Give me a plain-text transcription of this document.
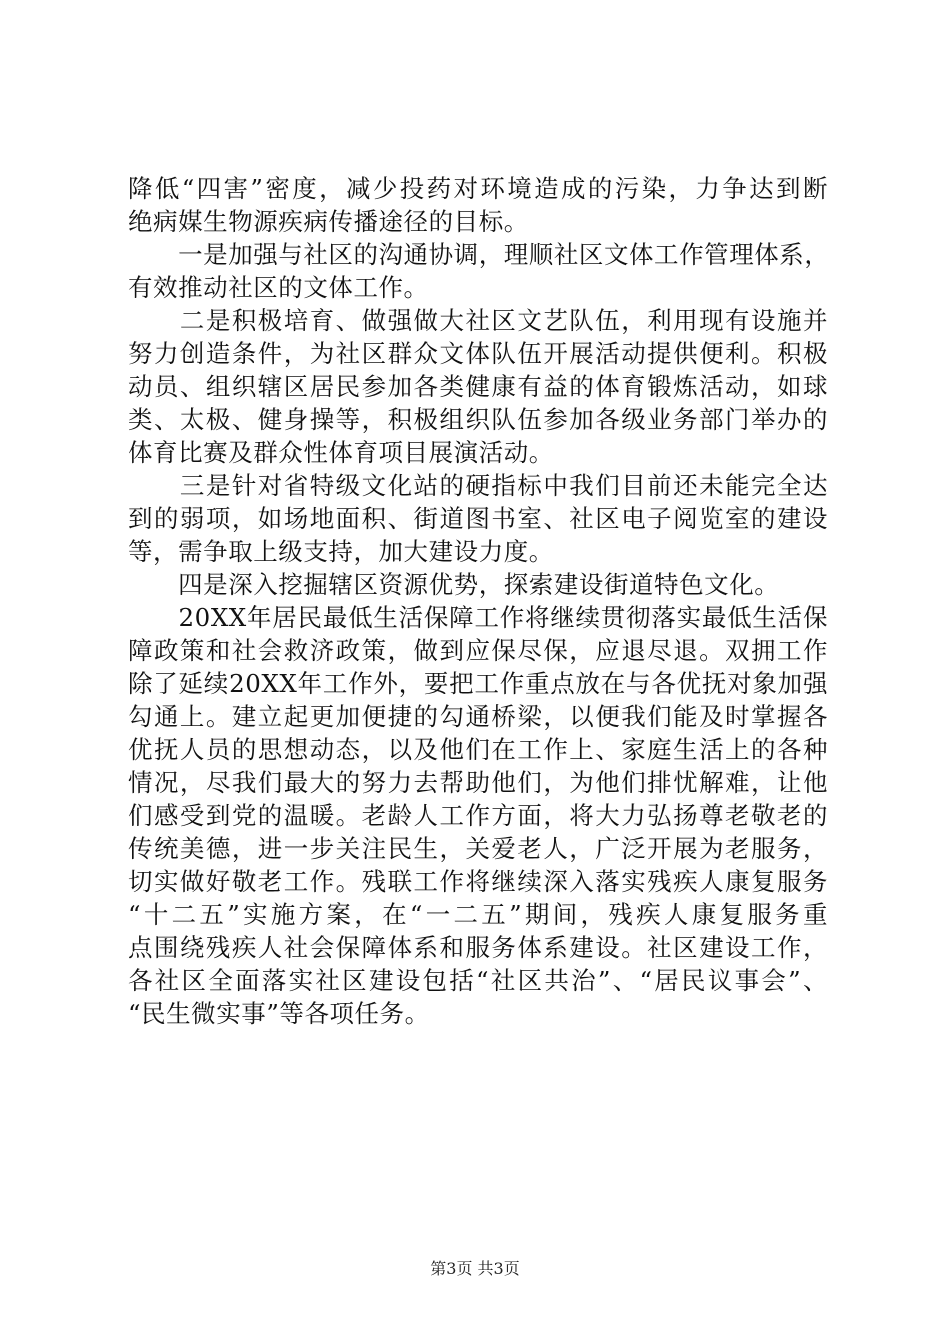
降低“四害”密度，减少投药对环境造成的污染，力争达到断
绝病媒生物源疾病传播途径的目标。
　　一是加强与社区的沟通协调，理顺社区文体工作管理体系，
有效推动社区的文体工作。
　　二是积极培育、做强做大社区文艺队伍，利用现有设施并
努力创造条件，为社区群众文体队伍开展活动提供便利。积极
动员、组织辖区居民参加各类健康有益的体育锻炼活动，如球
类、太极、健身操等，积极组织队伍参加各级业务部门举办的
体育比赛及群众性体育项目展演活动。
　　三是针对省特级文化站的硬指标中我们目前还未能完全达
到的弱项，如场地面积、街道图书室、社区电子阅览室的建设
等，需争取上级支持，加大建设力度。
　　四是深入挖掘辖区资源优势，探索建设街道特色文化。
　　20XX年居民最低生活保障工作将继续贯彻落实最低生活保
障政策和社会救济政策，做到应保尽保，应退尽退。双拥工作
除了延续20XX年工作外，要把工作重点放在与各优抚对象加强
勾通上。建立起更加便捷的勾通桥梁，以便我们能及时掌握各
优抚人员的思想动态，以及他们在工作上、家庭生活上的各种
情况，尽我们最大的努力去帮助他们，为他们排忧解难，让他
们感受到党的温暖。老龄人工作方面，将大力弘扬尊老敬老的
传统美德，进一步关注民生，关爱老人，广泛开展为老服务，
切实做好敬老工作。残联工作将继续深入落实残疾人康复服务
“十二五”实施方案，在“一二五”期间，残疾人康复服务重
点围绕残疾人社会保障体系和服务体系建设。社区建设工作，
各社区全面落实社区建设包括“社区共治”、“居民议事会”、
“民生微实事”等各项任务。
第3页 共3页
